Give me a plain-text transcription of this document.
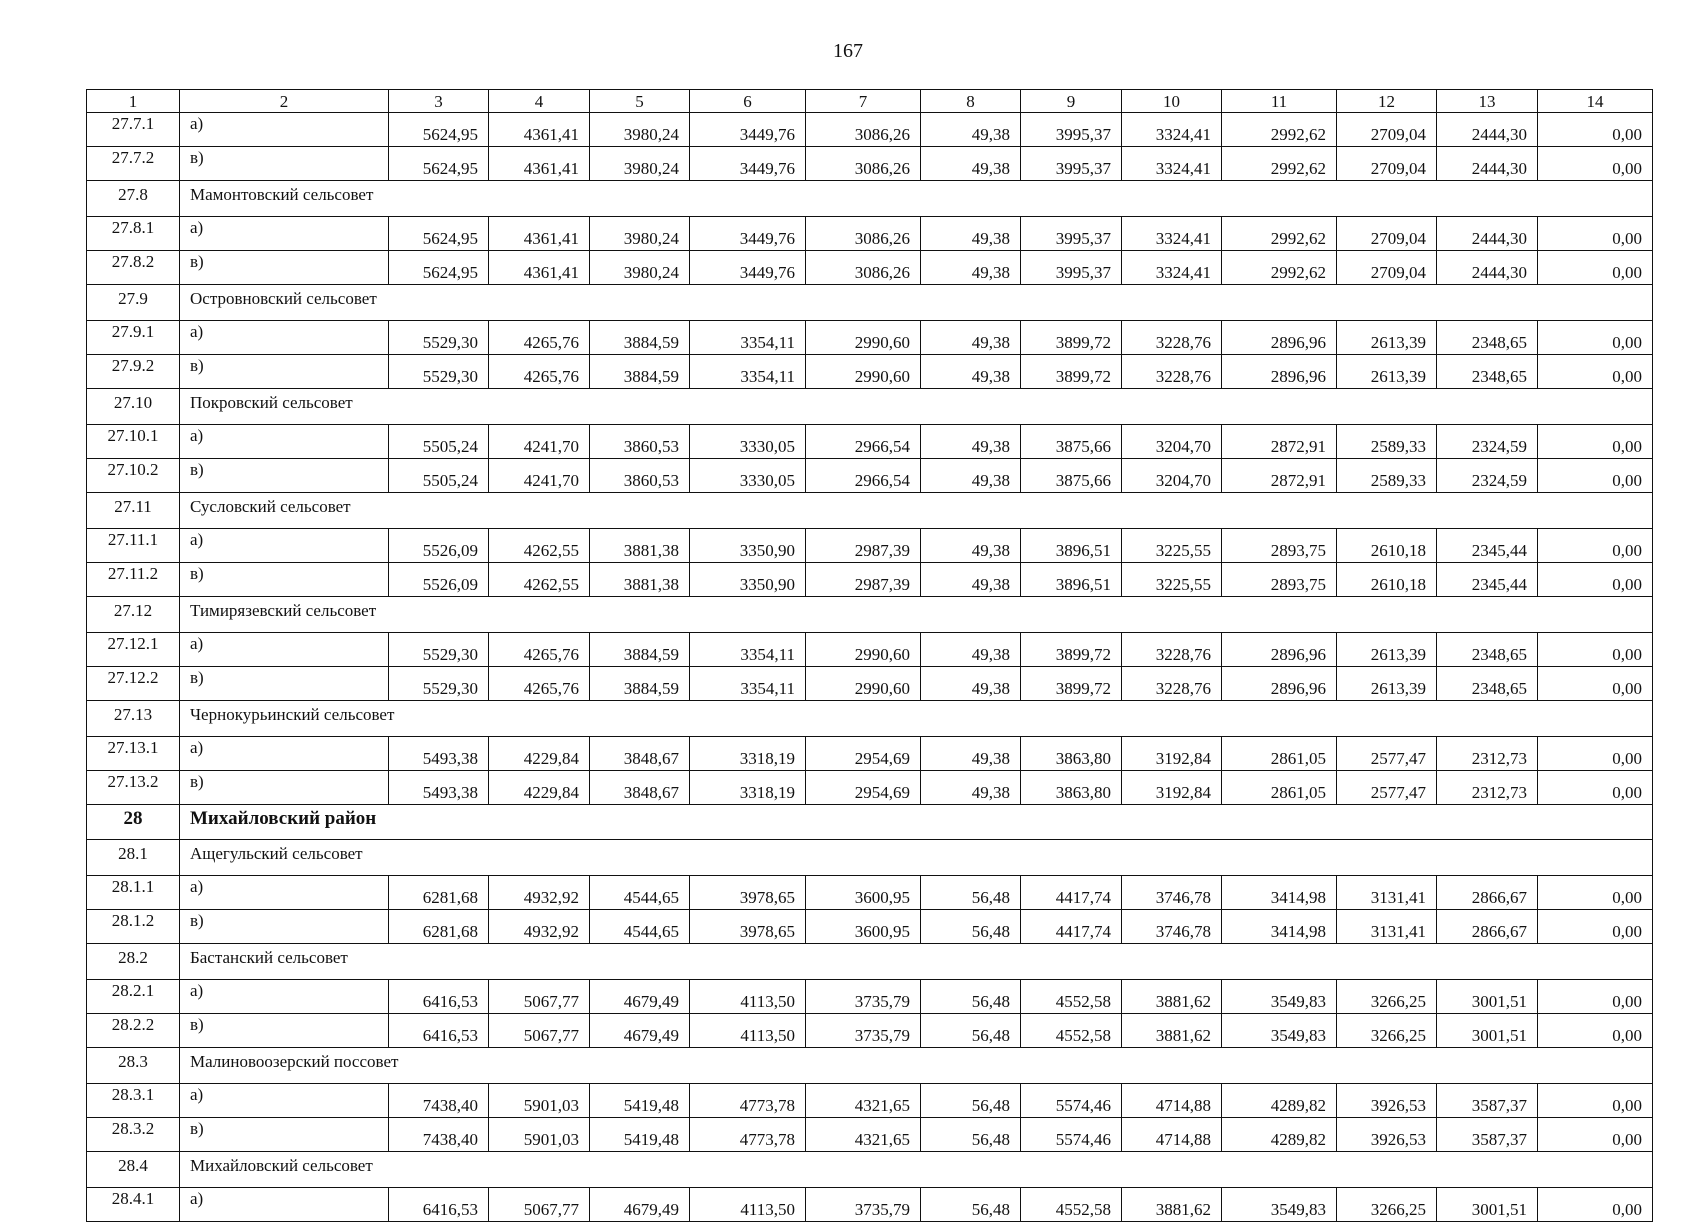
167
1	2	3	4	5	6	7	8	9	10	11	12	13	14
27.7.1	а)	5624,95	4361,41	3980,24	3449,76	3086,26	49,38	3995,37	3324,41	2992,62	2709,04	2444,30	0,00
27.7.2	в)	5624,95	4361,41	3980,24	3449,76	3086,26	49,38	3995,37	3324,41	2992,62	2709,04	2444,30	0,00
27.8	Мамонтовский сельсовет												
27.8.1	а)	5624,95	4361,41	3980,24	3449,76	3086,26	49,38	3995,37	3324,41	2992,62	2709,04	2444,30	0,00
27.8.2	в)	5624,95	4361,41	3980,24	3449,76	3086,26	49,38	3995,37	3324,41	2992,62	2709,04	2444,30	0,00
27.9	Островновский сельсовет												
27.9.1	а)	5529,30	4265,76	3884,59	3354,11	2990,60	49,38	3899,72	3228,76	2896,96	2613,39	2348,65	0,00
27.9.2	в)	5529,30	4265,76	3884,59	3354,11	2990,60	49,38	3899,72	3228,76	2896,96	2613,39	2348,65	0,00
27.10	Покровский сельсовет												
27.10.1	а)	5505,24	4241,70	3860,53	3330,05	2966,54	49,38	3875,66	3204,70	2872,91	2589,33	2324,59	0,00
27.10.2	в)	5505,24	4241,70	3860,53	3330,05	2966,54	49,38	3875,66	3204,70	2872,91	2589,33	2324,59	0,00
27.11	Сусловский сельсовет												
27.11.1	а)	5526,09	4262,55	3881,38	3350,90	2987,39	49,38	3896,51	3225,55	2893,75	2610,18	2345,44	0,00
27.11.2	в)	5526,09	4262,55	3881,38	3350,90	2987,39	49,38	3896,51	3225,55	2893,75	2610,18	2345,44	0,00
27.12	Тимирязевский сельсовет												
27.12.1	а)	5529,30	4265,76	3884,59	3354,11	2990,60	49,38	3899,72	3228,76	2896,96	2613,39	2348,65	0,00
27.12.2	в)	5529,30	4265,76	3884,59	3354,11	2990,60	49,38	3899,72	3228,76	2896,96	2613,39	2348,65	0,00
27.13	Чернокурьинский сельсовет												
27.13.1	а)	5493,38	4229,84	3848,67	3318,19	2954,69	49,38	3863,80	3192,84	2861,05	2577,47	2312,73	0,00
27.13.2	в)	5493,38	4229,84	3848,67	3318,19	2954,69	49,38	3863,80	3192,84	2861,05	2577,47	2312,73	0,00
28	Михайловский район												
28.1	Ащегульский сельсовет												
28.1.1	а)	6281,68	4932,92	4544,65	3978,65	3600,95	56,48	4417,74	3746,78	3414,98	3131,41	2866,67	0,00
28.1.2	в)	6281,68	4932,92	4544,65	3978,65	3600,95	56,48	4417,74	3746,78	3414,98	3131,41	2866,67	0,00
28.2	Бастанский сельсовет												
28.2.1	а)	6416,53	5067,77	4679,49	4113,50	3735,79	56,48	4552,58	3881,62	3549,83	3266,25	3001,51	0,00
28.2.2	в)	6416,53	5067,77	4679,49	4113,50	3735,79	56,48	4552,58	3881,62	3549,83	3266,25	3001,51	0,00
28.3	Малиновоозерский поссовет												
28.3.1	а)	7438,40	5901,03	5419,48	4773,78	4321,65	56,48	5574,46	4714,88	4289,82	3926,53	3587,37	0,00
28.3.2	в)	7438,40	5901,03	5419,48	4773,78	4321,65	56,48	5574,46	4714,88	4289,82	3926,53	3587,37	0,00
28.4	Михайловский сельсовет												
28.4.1	а)	6416,53	5067,77	4679,49	4113,50	3735,79	56,48	4552,58	3881,62	3549,83	3266,25	3001,51	0,00
